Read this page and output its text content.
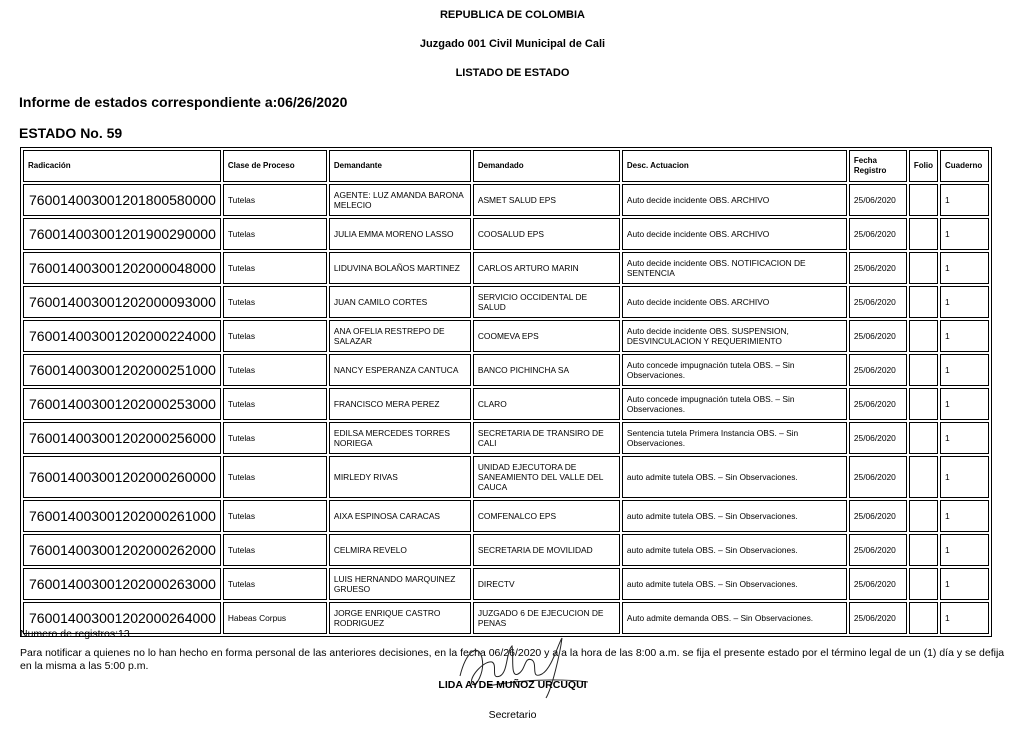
REPUBLICA DE COLOMBIA
Juzgado 001 Civil Municipal de Cali
LISTADO DE ESTADO
Informe de estados correspondiente a:06/26/2020
ESTADO No. 59
Radicación	Clase de Proceso	Demandante	Demandado	Desc. Actuacion	Fecha Registro	Folio	Cuaderno
760014003001201800580000	Tutelas	AGENTE: LUZ AMANDA BARONA MELECIO	ASMET SALUD EPS	Auto decide incidente OBS. ARCHIVO	25/06/2020		1
760014003001201900290000	Tutelas	JULIA EMMA MORENO LASSO	COOSALUD EPS	Auto decide incidente OBS. ARCHIVO	25/06/2020		1
760014003001202000048000	Tutelas	LIDUVINA BOLAÑOS MARTINEZ	CARLOS ARTURO MARIN	Auto decide incidente OBS. NOTIFICACION DE SENTENCIA	25/06/2020		1
760014003001202000093000	Tutelas	JUAN CAMILO CORTES	SERVICIO OCCIDENTAL DE SALUD	Auto decide incidente OBS. ARCHIVO	25/06/2020		1
760014003001202000224000	Tutelas	ANA OFELIA RESTREPO DE SALAZAR	COOMEVA EPS	Auto decide incidente OBS. SUSPENSION, DESVINCULACION Y REQUERIMIENTO	25/06/2020		1
760014003001202000251000	Tutelas	NANCY ESPERANZA CANTUCA	BANCO PICHINCHA SA	Auto concede impugnación tutela OBS. – Sin Observaciones.	25/06/2020		1
760014003001202000253000	Tutelas	FRANCISCO MERA PEREZ	CLARO	Auto concede impugnación tutela OBS. – Sin Observaciones.	25/06/2020		1
760014003001202000256000	Tutelas	EDILSA MERCEDES TORRES NORIEGA	SECRETARIA DE TRANSIRO DE CALI	Sentencia tutela Primera Instancia OBS. – Sin Observaciones.	25/06/2020		1
760014003001202000260000	Tutelas	MIRLEDY RIVAS	UNIDAD EJECUTORA DE SANEAMIENTO DEL VALLE DEL CAUCA	auto admite tutela OBS. – Sin Observaciones.	25/06/2020		1
760014003001202000261000	Tutelas	AIXA ESPINOSA CARACAS	COMFENALCO EPS	auto admite tutela OBS. – Sin Observaciones.	25/06/2020		1
760014003001202000262000	Tutelas	CELMIRA REVELO	SECRETARIA DE MOVILIDAD	auto admite tutela OBS. – Sin Observaciones.	25/06/2020		1
760014003001202000263000	Tutelas	LUIS HERNANDO MARQUINEZ GRUESO	DIRECTV	auto admite tutela OBS. – Sin Observaciones.	25/06/2020		1
760014003001202000264000	Habeas Corpus	JORGE ENRIQUE CASTRO RODRIGUEZ	JUZGADO 6 DE EJECUCION DE PENAS	Auto admite demanda OBS. – Sin Observaciones.	25/06/2020		1
Numero de registros:13
Para notificar a quienes no lo han hecho en forma personal de las anteriores decisiones, en la fecha 06/26/2020 y a a la hora de las 8:00 a.m. se fija el presente estado por el término legal de un (1) día y se defija en la misma a las 5:00 p.m.
LIDA AYDE MUÑOZ URCUQUI
Secretario
